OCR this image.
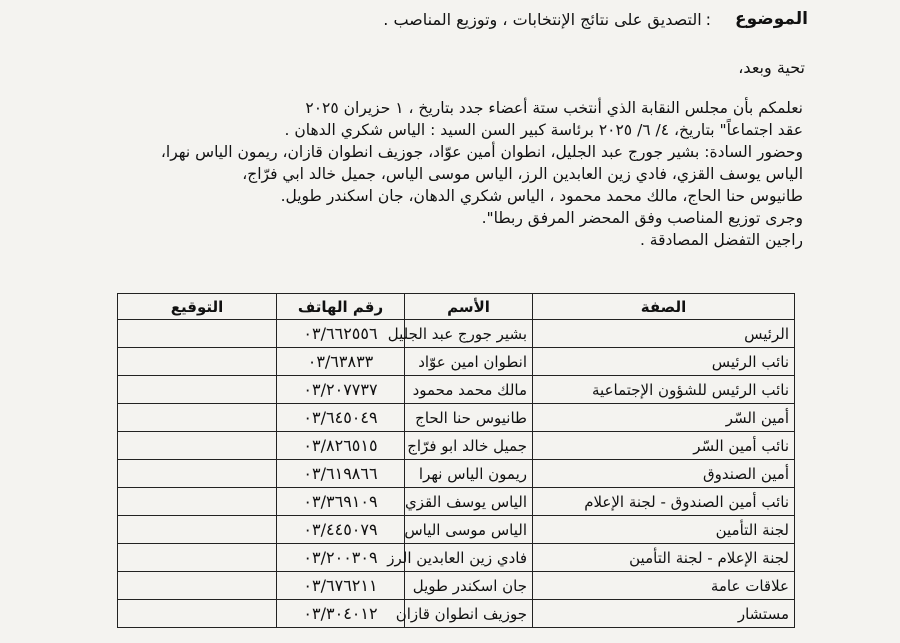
الموضوع
:
التصديق على نتائج الإنتخابات ، وتوزيع المناصب .
تحية وبعد،
نعلمكم بأن مجلس النقابة الذي أنتخب ستة أعضاء جدد بتاريخ ، ١ حزيران ٢٠٢٥
عقد اجتماعاً" بتاريخ، ٤/ ٦/ ٢٠٢٥ برئاسة كبير السن السيد : الياس شكري الدهان .
وحضور السادة: بشير جورج عبد الجليل، انطوان أمين عوّاد، جوزيف انطوان قازان، ريمون الياس نهرا،
الياس يوسف القزي، فادي زين العابدين الرز، الياس موسى الياس، جميل خالد ابي فرّاج،
طانيوس حنا الحاج، مالك محمد محمود ، الياس شكري الدهان، جان اسكندر طويل.
وجرى توزيع المناصب وفق المحضر المرفق ربطا".
راجين التفضل المصادقة .
الصفة	الأسم	رقم الهاتف	التوقيع
الرئيس	بشير جورج عبد الجليل	٠٣/٦٦٢٥٥٦	
نائب الرئيس	انطوان امين عوّاد	٠٣/٦٣٨٣٣	
نائب الرئيس للشؤون الإجتماعية	مالك محمد محمود	٠٣/٢٠٧٧٣٧	
أمين السّر	طانيوس حنا الحاج	٠٣/٦٤٥٠٤٩	
نائب أمين السّر	جميل خالد ابو فرّاج	٠٣/٨٢٦٥١٥	
أمين الصندوق	ريمون الياس نهرا	٠٣/٦١٩٨٦٦	
نائب أمين الصندوق - لجنة الإعلام	الياس يوسف القزي	٠٣/٣٦٩١٠٩	
لجنة التأمين	الياس موسى الياس	٠٣/٤٤٥٠٧٩	
لجنة الإعلام - لجنة التأمين	فادي زين العابدين الرز	٠٣/٢٠٠٣٠٩	
علاقات عامة	جان اسكندر طويل	٠٣/٦٧٦٢١١	
مستشار	جوزيف انطوان قازان	٠٣/٣٠٤٠١٢	
